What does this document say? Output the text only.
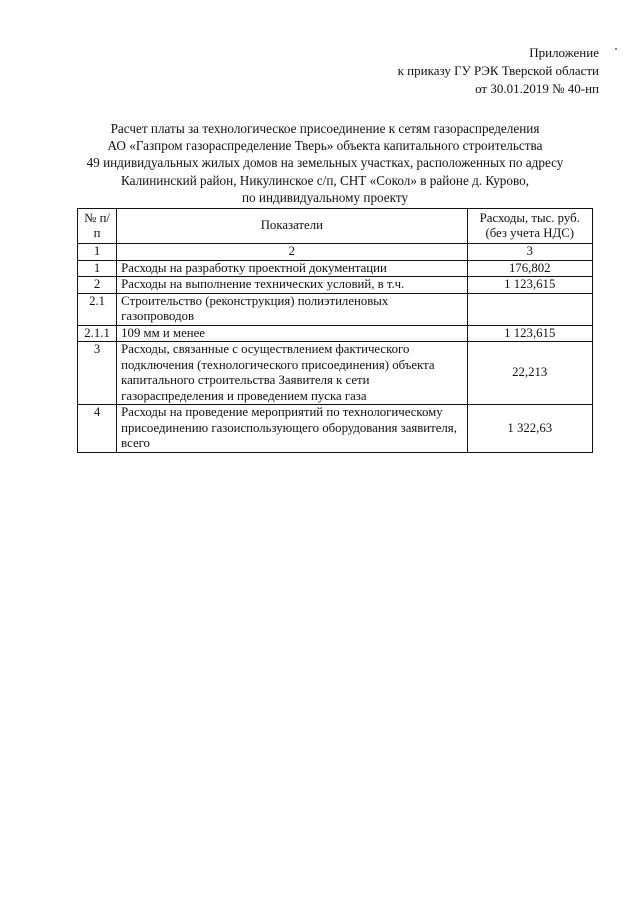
Приложение
к приказу ГУ РЭК Тверской области
от 30.01.2019 № 40-нп
Расчет платы за технологическое присоединение к сетям газораспределения
АО «Газпром газораспределение Тверь» объекта капитального строительства
49 индивидуальных жилых домов на земельных участках, расположенных по адресу
Калининский район, Никулинское с/п, СНТ «Сокол» в районе д. Курово,
по индивидуальному проекту
№ п/п	Показатели	Расходы, тыс. руб. (без учета НДС)
1	2	3
1	Расходы на разработку проектной документации	176,802
2	Расходы на выполнение технических условий, в т.ч.	1 123,615
2.1	Строительство (реконструкция) полиэтиленовых газопроводов	
2.1.1	109 мм и менее	1 123,615
3	Расходы, связанные с осуществлением фактического подключения (технологического присоединения) объекта капитального строительства Заявителя к сети газораспределения и проведением пуска газа	22,213
4	Расходы на проведение мероприятий по технологическому присоединению газоиспользующего оборудования заявителя, всего	1 322,63
